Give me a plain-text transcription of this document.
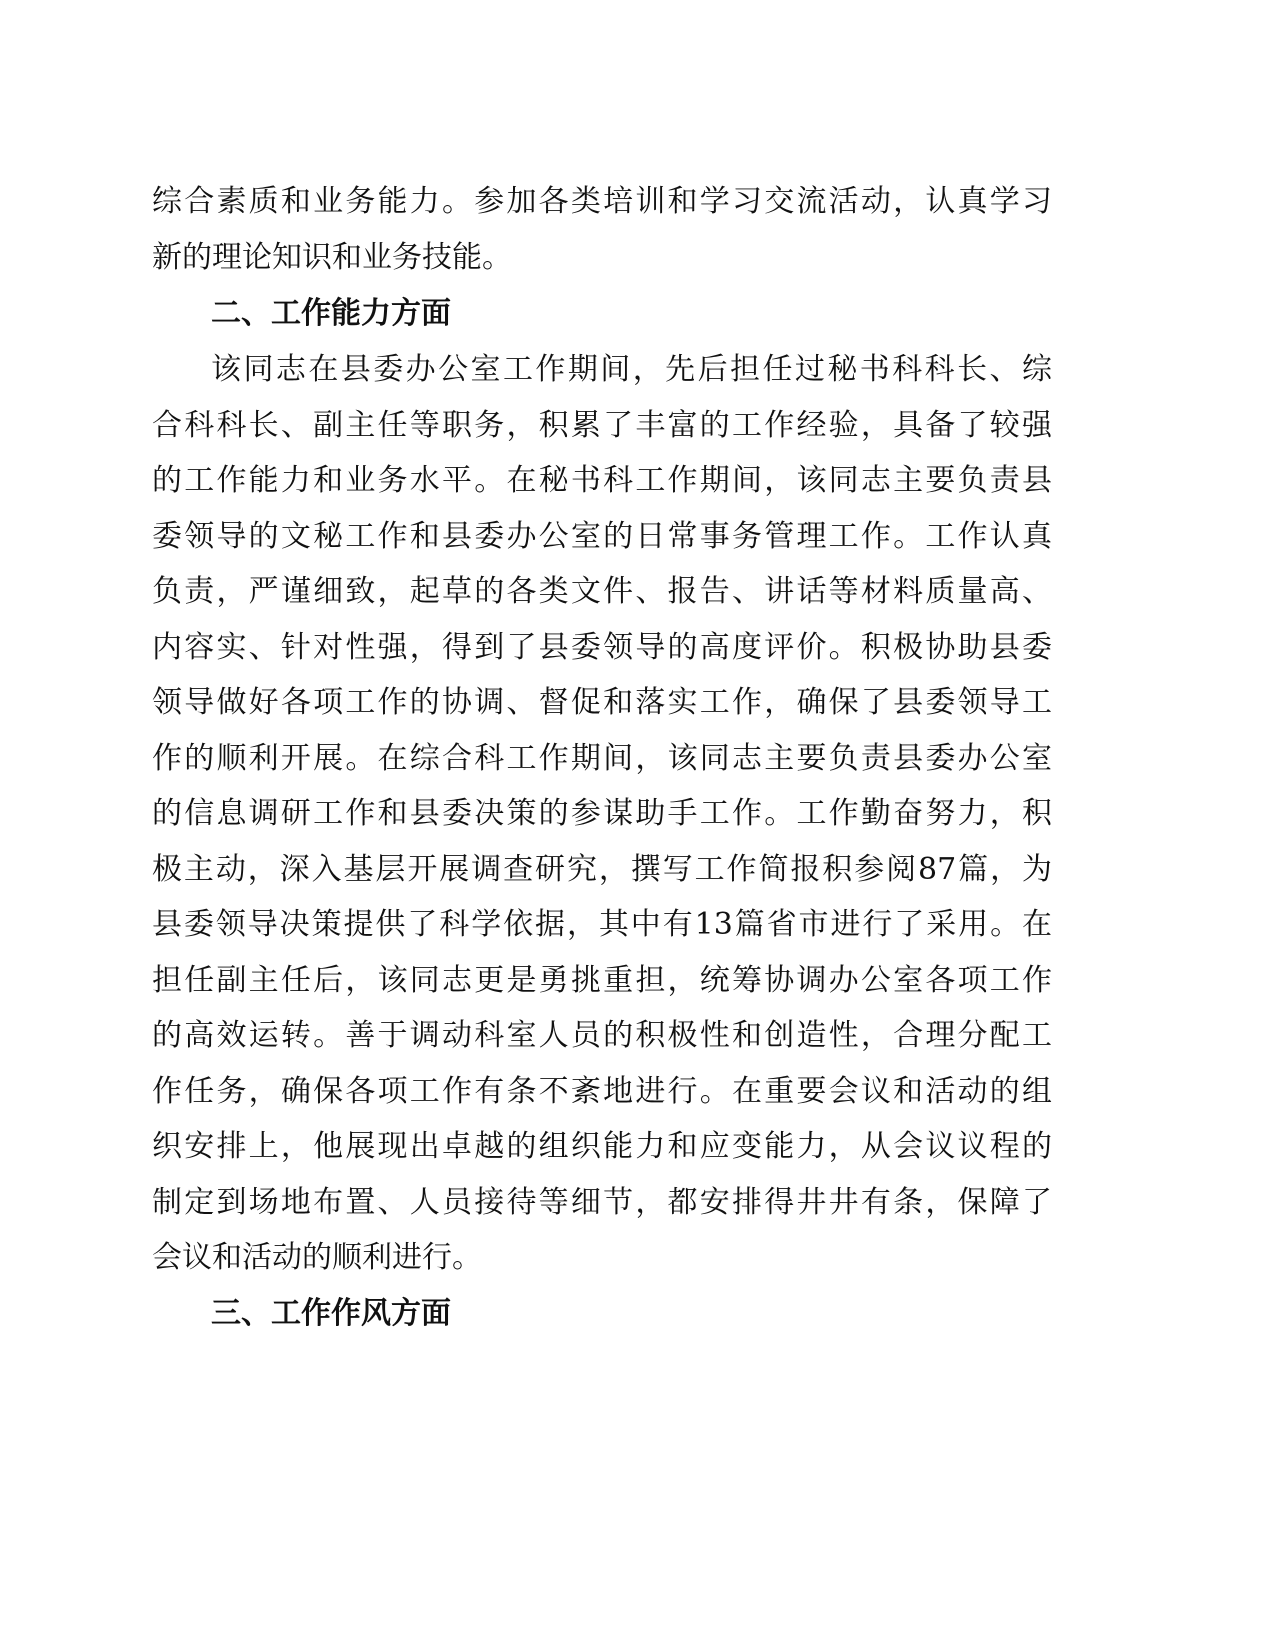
综合素质和业务能力。参加各类培训和学习交流活动，认真学习
新的理论知识和业务技能。
二、工作能力方面
该同志在县委办公室工作期间，先后担任过秘书科科长、综
合科科长、副主任等职务，积累了丰富的工作经验，具备了较强
的工作能力和业务水平。在秘书科工作期间，该同志主要负责县
委领导的文秘工作和县委办公室的日常事务管理工作。工作认真
负责，严谨细致，起草的各类文件、报告、讲话等材料质量高、
内容实、针对性强，得到了县委领导的高度评价。积极协助县委
领导做好各项工作的协调、督促和落实工作，确保了县委领导工
作的顺利开展。在综合科工作期间，该同志主要负责县委办公室
的信息调研工作和县委决策的参谋助手工作。工作勤奋努力，积
极主动，深入基层开展调查研究，撰写工作简报积参阅87篇，为
县委领导决策提供了科学依据，其中有13篇省市进行了采用。在
担任副主任后，该同志更是勇挑重担，统筹协调办公室各项工作
的高效运转。善于调动科室人员的积极性和创造性，合理分配工
作任务，确保各项工作有条不紊地进行。在重要会议和活动的组
织安排上，他展现出卓越的组织能力和应变能力，从会议议程的
制定到场地布置、人员接待等细节，都安排得井井有条，保障了
会议和活动的顺利进行。
三、工作作风方面
